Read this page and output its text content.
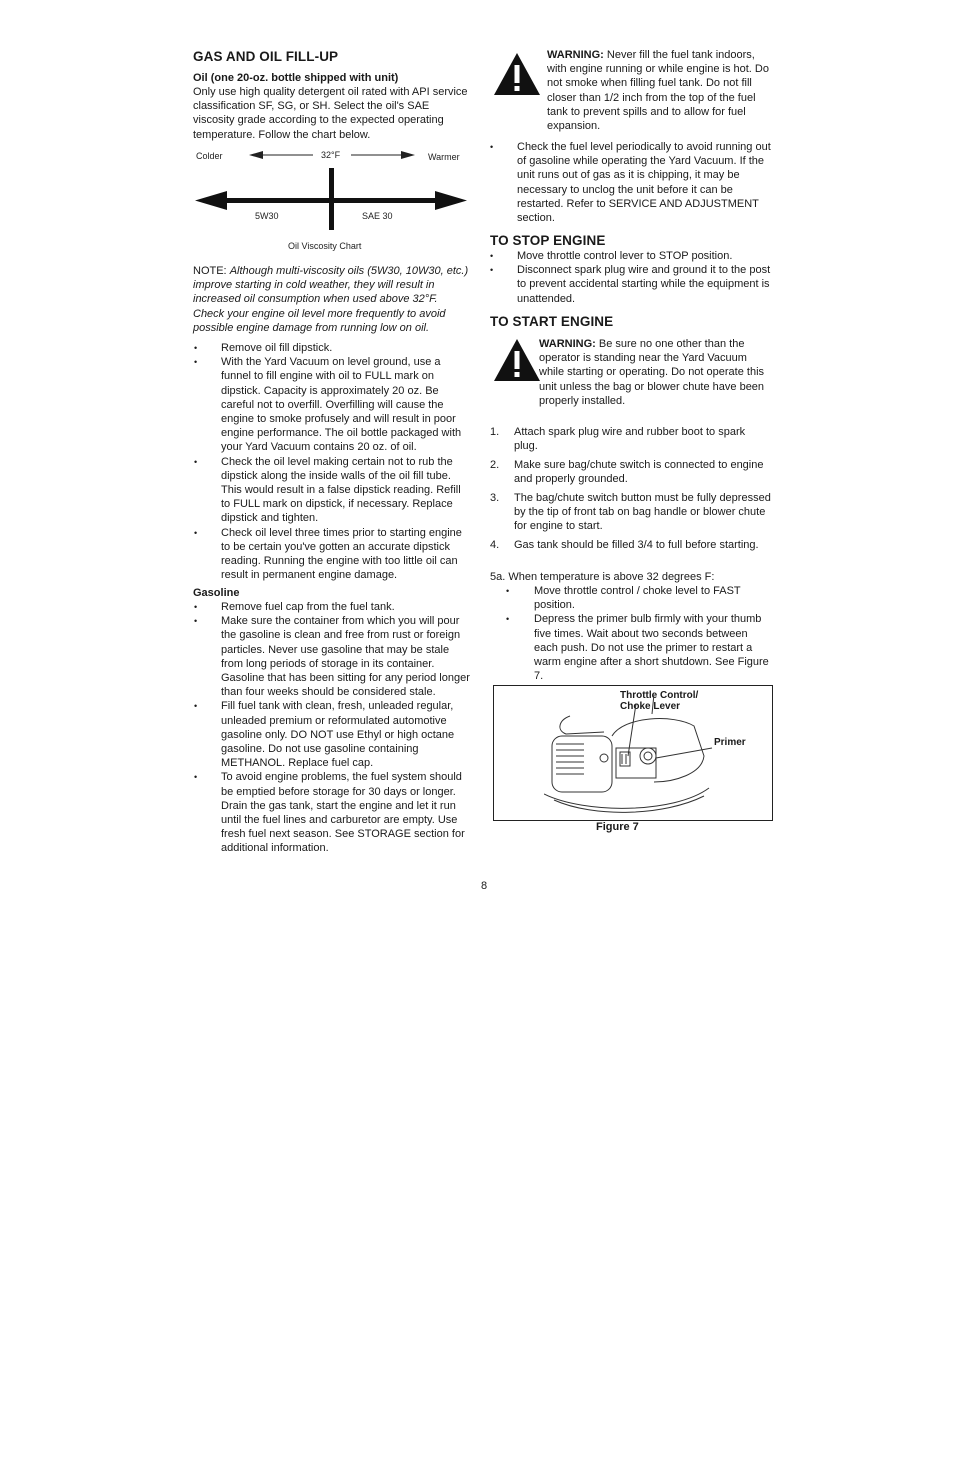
GAS AND OIL FILL-UP
Oil (one 20-oz. bottle shipped with unit)
Only use high quality detergent oil rated with API service classification SF, SG, or SH. Select the oil's SAE viscosity grade according to the expected operating temperature. Follow the chart below.
Colder	32°F	Warmer
5W30	SAE 30
Oil Viscosity Chart
NOTE: Although multi-viscosity oils (5W30, 10W30, etc.) improve starting in cold weather, they will result in increased oil consumption when used above 32°F. Check your engine oil level more frequently to avoid possible engine damage from running low on oil.
• Remove oil fill dipstick.
• With the Yard Vacuum on level ground, use a funnel to fill engine with oil to FULL mark on dipstick. Capacity is approximately 20 oz. Be careful not to overfill. Overfilling will cause the engine to smoke profusely and will result in poor engine performance. The oil bottle packaged with your Yard Vacuum contains 20 oz. of oil.
• Check the oil level making certain not to rub the dipstick along the inside walls of the oil fill tube. This would result in a false dipstick reading. Refill to FULL mark on dipstick, if necessary. Replace dipstick and tighten.
• Check oil level three times prior to starting engine to be certain you've gotten an accurate dipstick reading. Running the engine with too little oil can result in permanent engine damage.
Gasoline
• Remove fuel cap from the fuel tank.
• Make sure the container from which you will pour the gasoline is clean and free from rust or foreign particles. Never use gasoline that may be stale from long periods of storage in its container. Gasoline that has been sitting for any period longer than four weeks should be considered stale.
• Fill fuel tank with clean, fresh, unleaded regular, unleaded premium or reformulated automotive gasoline only. DO NOT use Ethyl or high octane gasoline. Do not use gasoline containing METHANOL. Replace fuel cap.
• To avoid engine problems, the fuel system should be emptied before storage for 30 days or longer. Drain the gas tank, start the engine and let it run until the fuel lines and carburetor are empty. Use fresh fuel next season. See STORAGE section for additional information.
WARNING: Never fill the fuel tank indoors, with engine running or while engine is hot. Do not smoke when filling fuel tank. Do not fill closer than 1/2 inch from the top of the fuel tank to prevent spills and to allow for fuel expansion.
• Check the fuel level periodically to avoid running out of gasoline while operating the Yard Vacuum. If the unit runs out of gas as it is chipping, it may be necessary to unclog the unit before it can be restarted. Refer to SERVICE AND ADJUSTMENT section.
TO STOP ENGINE
• Move throttle control lever to STOP position.
• Disconnect spark plug wire and ground it to the post to prevent accidental starting while the equipment is unattended.
TO START ENGINE
WARNING: Be sure no one other than the operator is standing near the Yard Vacuum while starting or operating. Do not operate this unit unless the bag or blower chute have been properly installed.
1. Attach spark plug wire and rubber boot to spark plug.
2. Make sure bag/chute switch is connected to engine and properly grounded.
3. The bag/chute switch button must be fully depressed by the tip of front tab on bag handle or blower chute for engine to start.
4. Gas tank should be filled 3/4 to full before starting.
5a. When temperature is above 32 degrees F:
• Move throttle control / choke level to FAST position.
• Depress the primer bulb firmly with your thumb five times. Wait about two seconds between each push. Do not use the primer to restart a warm engine after a short shutdown. See Figure 7.
Throttle Control/
Choke Lever
Primer
Figure 7
8
